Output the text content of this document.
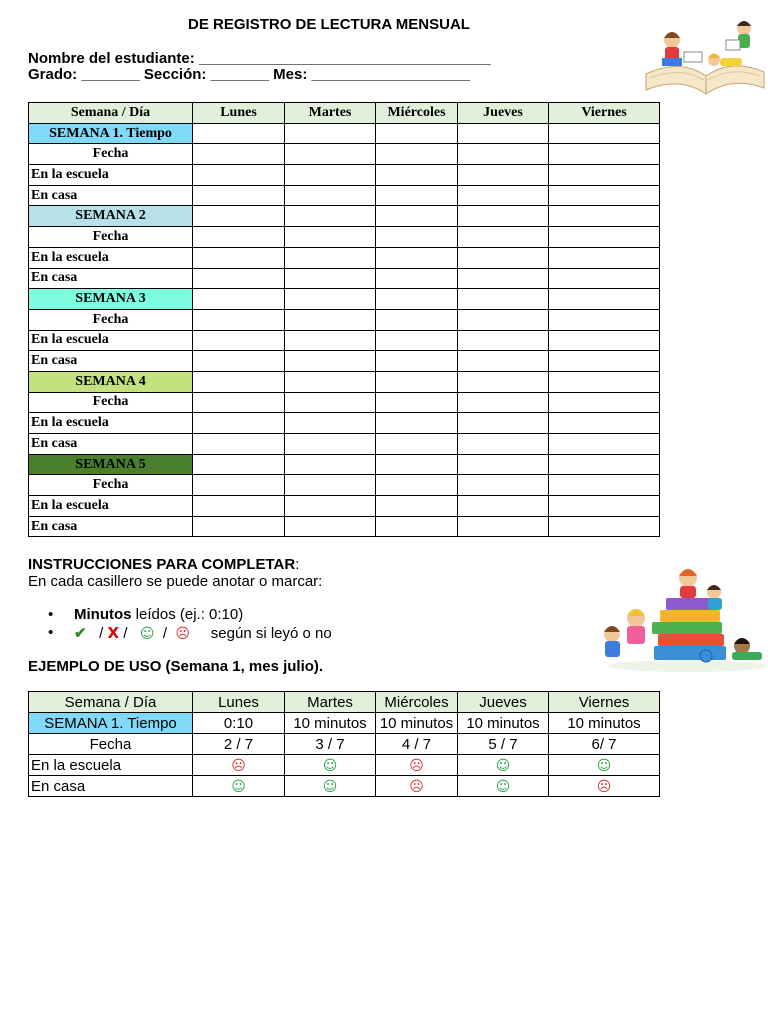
DE REGISTRO DE LECTURA MENSUAL
Nombre del estudiante: ___________________________________
Grado: _______ Sección: _______ Mes: ___________________
Semana / Día	Lunes	Martes	Miércoles	Jueves	Viernes
SEMANA 1. Tiempo					
Fecha					
En la escuela					
En casa					
SEMANA 2					
Fecha					
En la escuela					
En casa					
SEMANA 3					
Fecha					
En la escuela					
En casa					
SEMANA 4					
Fecha					
En la escuela					
En casa					
SEMANA 5					
Fecha					
En la escuela					
En casa					
INSTRUCCIONES PARA COMPLETAR:
En cada casillero se puede anotar o marcar:
• Minutos leídos (ej.: 0:10)
• ✔ / X / ☺ / ☹ según si leyó o no
EJEMPLO DE USO (Semana 1, mes julio).
Semana / Día	Lunes	Martes	Miércoles	Jueves	Viernes
SEMANA 1. Tiempo	0:10	10 minutos	10 minutos	10 minutos	10 minutos
Fecha	2 / 7	3 / 7	4 / 7	5 / 7	6/ 7
En la escuela	☹	☺	☹	☺	☺
En casa	☺	☺	☹	☺	☹
